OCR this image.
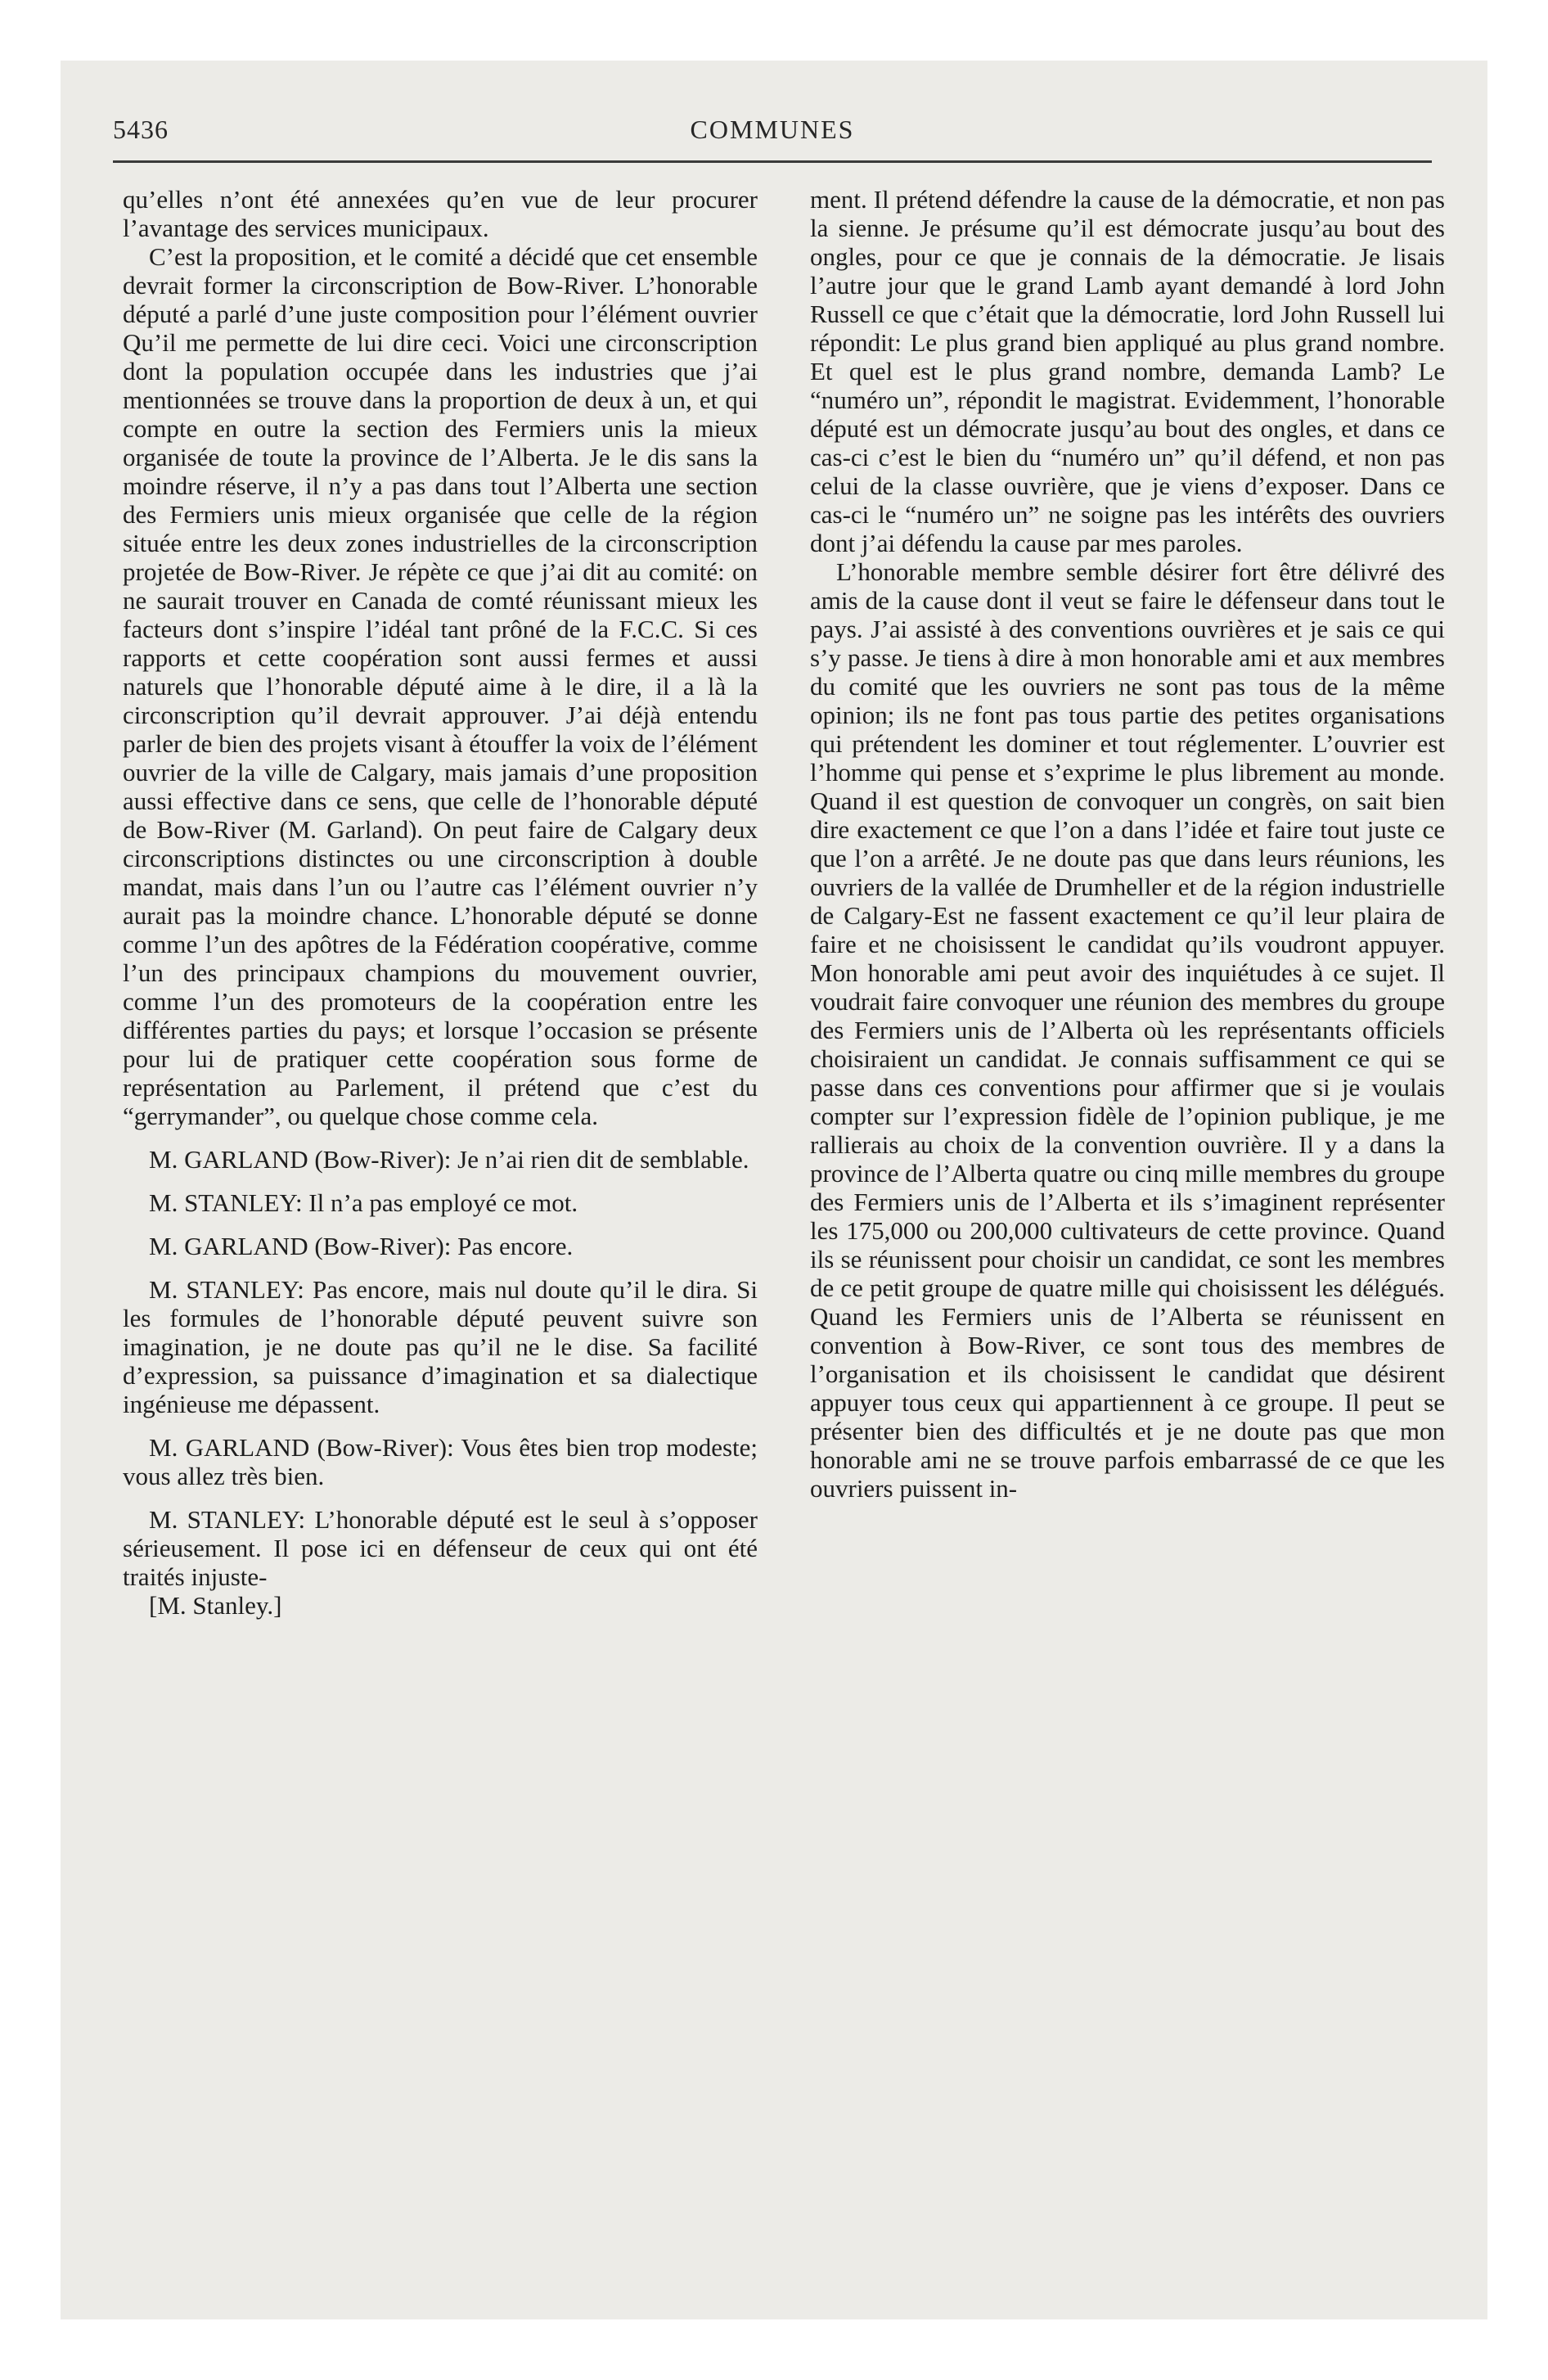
5436	COMMUNES

qu’elles n’ont été annexées qu’en vue de leur procurer l’avantage des services municipaux.

C’est la proposition, et le comité a décidé que cet ensemble devrait former la circonscription de Bow-River. L’honorable député a parlé d’une juste composition pour l’élément ouvrier Qu’il me permette de lui dire ceci. Voici une circonscription dont la population occupée dans les industries que j’ai mentionnées se trouve dans la proportion de deux à un, et qui compte en outre la section des Fermiers unis la mieux organisée de toute la province de l’Alberta. Je le dis sans la moindre réserve, il n’y a pas dans tout l’Alberta une section des Fermiers unis mieux organisée que celle de la région située entre les deux zones industrielles de la circonscription projetée de Bow-River. Je répète ce que j’ai dit au comité: on ne saurait trouver en Canada de comté réunissant mieux les facteurs dont s’inspire l’idéal tant prôné de la F.C.C. Si ces rapports et cette coopération sont aussi fermes et aussi naturels que l’honorable député aime à le dire, il a là la circonscription qu’il devrait approuver. J’ai déjà entendu parler de bien des projets visant à étouffer la voix de l’élément ouvrier de la ville de Calgary, mais jamais d’une proposition aussi effective dans ce sens, que celle de l’honorable député de Bow-River (M. Garland). On peut faire de Calgary deux circonscriptions distinctes ou une circonscription à double mandat, mais dans l’un ou l’autre cas l’élément ouvrier n’y aurait pas la moindre chance. L’honorable député se donne comme l’un des apôtres de la Fédération coopérative, comme l’un des principaux champions du mouvement ouvrier, comme l’un des promoteurs de la coopération entre les différentes parties du pays; et lorsque l’occasion se présente pour lui de pratiquer cette coopération sous forme de représentation au Parlement, il prétend que c’est du “gerrymander”, ou quelque chose comme cela.

M. GARLAND (Bow-River): Je n’ai rien dit de semblable.

M. STANLEY: Il n’a pas employé ce mot.

M. GARLAND (Bow-River): Pas encore.

M. STANLEY: Pas encore, mais nul doute qu’il le dira. Si les formules de l’honorable député peuvent suivre son imagination, je ne doute pas qu’il ne le dise. Sa facilité d’expression, sa puissance d’imagination et sa dialectique ingénieuse me dépassent.

M. GARLAND (Bow-River): Vous êtes bien trop modeste; vous allez très bien.

M. STANLEY: L’honorable député est le seul à s’opposer sérieusement. Il pose ici en défenseur de ceux qui ont été traités injuste-

[M. Stanley.]

ment. Il prétend défendre la cause de la démocratie, et non pas la sienne. Je présume qu’il est démocrate jusqu’au bout des ongles, pour ce que je connais de la démocratie. Je lisais l’autre jour que le grand Lamb ayant demandé à lord John Russell ce que c’était que la démocratie, lord John Russell lui répondit: Le plus grand bien appliqué au plus grand nombre. Et quel est le plus grand nombre, demanda Lamb? Le “numéro un”, répondit le magistrat. Evidemment, l’honorable député est un démocrate jusqu’au bout des ongles, et dans ce cas-ci c’est le bien du “numéro un” qu’il défend, et non pas celui de la classe ouvrière, que je viens d’exposer. Dans ce cas-ci le “numéro un” ne soigne pas les intérêts des ouvriers dont j’ai défendu la cause par mes paroles.

L’honorable membre semble désirer fort être délivré des amis de la cause dont il veut se faire le défenseur dans tout le pays. J’ai assisté à des conventions ouvrières et je sais ce qui s’y passe. Je tiens à dire à mon honorable ami et aux membres du comité que les ouvriers ne sont pas tous de la même opinion; ils ne font pas tous partie des petites organisations qui prétendent les dominer et tout réglementer. L’ouvrier est l’homme qui pense et s’exprime le plus librement au monde. Quand il est question de convoquer un congrès, on sait bien dire exactement ce que l’on a dans l’idée et faire tout juste ce que l’on a arrêté. Je ne doute pas que dans leurs réunions, les ouvriers de la vallée de Drumheller et de la région industrielle de Calgary-Est ne fassent exactement ce qu’il leur plaira de faire et ne choisissent le candidat qu’ils voudront appuyer. Mon honorable ami peut avoir des inquiétudes à ce sujet. Il voudrait faire convoquer une réunion des membres du groupe des Fermiers unis de l’Alberta où les représentants officiels choisiraient un candidat. Je connais suffisamment ce qui se passe dans ces conventions pour affirmer que si je voulais compter sur l’expression fidèle de l’opinion publique, je me rallierais au choix de la convention ouvrière. Il y a dans la province de l’Alberta quatre ou cinq mille membres du groupe des Fermiers unis de l’Alberta et ils s’imaginent représenter les 175,000 ou 200,000 cultivateurs de cette province. Quand ils se réunissent pour choisir un candidat, ce sont les membres de ce petit groupe de quatre mille qui choisissent les délégués. Quand les Fermiers unis de l’Alberta se réunissent en convention à Bow-River, ce sont tous des membres de l’organisation et ils choisissent le candidat que désirent appuyer tous ceux qui appartiennent à ce groupe. Il peut se présenter bien des difficultés et je ne doute pas que mon honorable ami ne se trouve parfois embarrassé de ce que les ouvriers puissent in-
